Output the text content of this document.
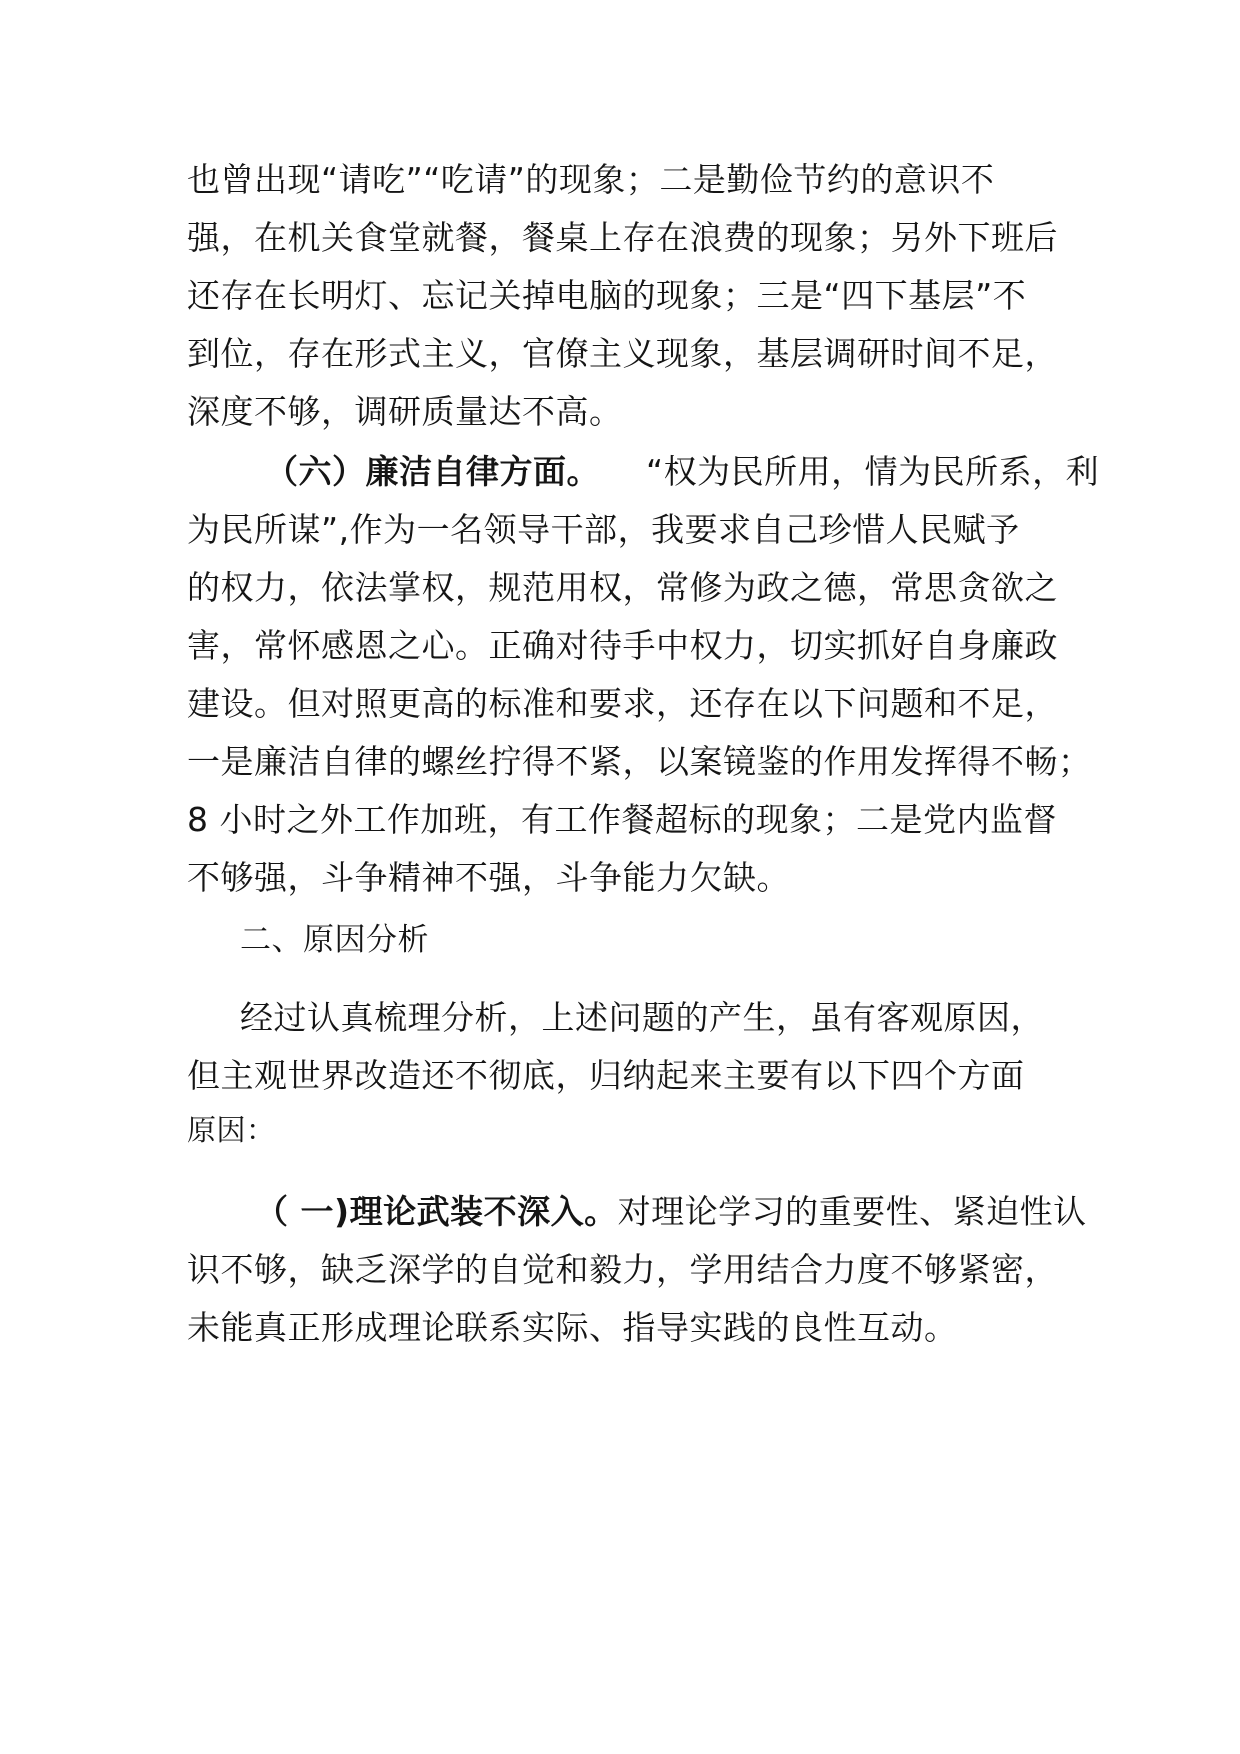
也曾出现“请吃”“吃请”的现象；二是勤俭节约的意识不
强，在机关食堂就餐，餐桌上存在浪费的现象；另外下班后
还存在长明灯、忘记关掉电脑的现象；三是“四下基层”不
到位，存在形式主义，官僚主义现象，基层调研时间不足，
深度不够，调研质量达不高。
（六）廉洁自律方面。 “权为民所用，情为民所系，利
为民所谋”,作为一名领导干部，我要求自己珍惜人民赋予
的权力，依法掌权，规范用权，常修为政之德，常思贪欲之
害，常怀感恩之心。正确对待手中权力，切实抓好自身廉政
建设。但对照更高的标准和要求，还存在以下问题和不足，
一是廉洁自律的螺丝拧得不紧，以案镜鉴的作用发挥得不畅；
8 小时之外工作加班，有工作餐超标的现象；二是党内监督
不够强，斗争精神不强，斗争能力欠缺。
二、原因分析
经过认真梳理分析，上述问题的产生，虽有客观原因，
但主观世界改造还不彻底，归纳起来主要有以下四个方面
原因：
（ 一)理论武装不深入。对理论学习的重要性、紧迫性认
识不够，缺乏深学的自觉和毅力，学用结合力度不够紧密，
未能真正形成理论联系实际、指导实践的良性互动。
